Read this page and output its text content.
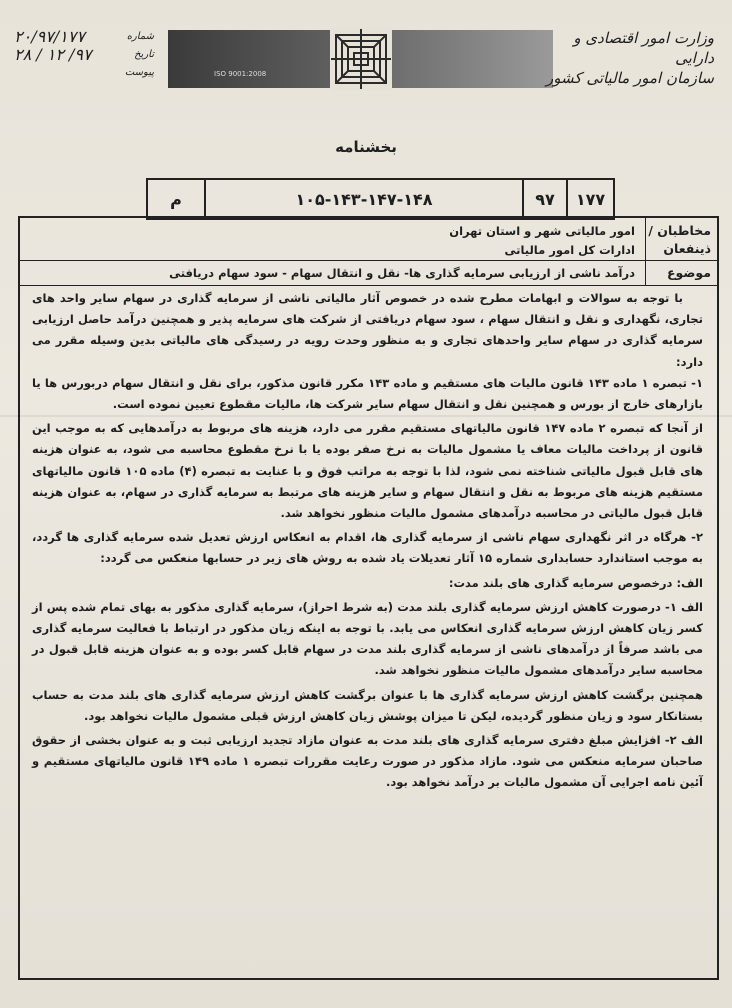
ISO 9001:2008
وزارت امور اقتصادی و دارایی
سازمان امور مالیاتی کشور
شماره
۲۰/۹۷/۱۷۷
تاریخ
۹۷/ ۱۲ / ۲۸
پیوست
بخشنامه
۱۷۷
۹۷
۱۰۵-۱۴۳-۱۴۷-۱۴۸
م
مخاطبان / ذینفعان
امور مالیاتی شهر و استان تهران
ادارات کل امور مالیاتی
موضوع
درآمد ناشی از ارزیابی سرمایه گذاری ها- نقل و انتقال سهام - سود سهام دریافتی

با توجه به سوالات و ابهامات مطرح شده در خصوص آثار مالیاتی ناشی از سرمایه گذاری در سهام سایر واحد های تجاری، نگهداری و نقل و انتقال سهام ، سود سهام دریافتی از شرکت های سرمایه پذیر و همچنین درآمد حاصل ارزیابی سرمایه گذاری در سهام سایر واحدهای تجاری و به منظور وحدت رویه در رسیدگی های مالیاتی بدین وسیله مقرر می دارد:

۱- تبصره ۱ ماده ۱۴۳ قانون مالیات های مستقیم و ماده ۱۴۳ مکرر قانون مذکور، برای نقل و انتقال سهام دربورس ها یا بازارهای خارج از بورس و همچنین نقل و انتقال سهام سایر شرکت ها، مالیات مقطوع تعیین نموده است.

از آنجا که تبصره ۲ ماده ۱۴۷ قانون مالیاتهای مستقیم مقرر می دارد، هزینه های مربوط به درآمدهایی که به موجب این قانون از پرداخت مالیات معاف یا مشمول مالیات به نرخ صفر بوده یا با نرخ مقطوع محاسبه می شود، به عنوان هزینه های قابل قبول مالیاتی شناخته نمی شود، لذا با توجه به مراتب فوق و با عنایت به تبصره (۴) ماده ۱۰۵ قانون مالیاتهای مستقیم هزینه های مربوط به نقل و انتقال سهام و سایر هزینه های مرتبط به سرمایه گذاری در سهام، به عنوان هزینه قابل قبول مالیاتی در محاسبه درآمدهای مشمول مالیات منظور نخواهد شد.

۲- هرگاه در اثر نگهداری سهام ناشی از سرمایه گذاری ها، اقدام به انعکاس ارزش تعدیل شده سرمایه گذاری ها گردد، به موجب استاندارد حسابداری شماره ۱۵ آثار تعدیلات یاد شده به روش های زیر در حسابها منعکس می گردد:

الف: درخصوص سرمایه گذاری های بلند مدت:

الف ۱- درصورت کاهش ارزش سرمایه گذاری بلند مدت (به شرط احراز)، سرمایه گذاری مذکور به بهای تمام شده پس از کسر زیان کاهش ارزش سرمایه گذاری انعکاس می یابد. با توجه به اینکه زیان مذکور در ارتباط با فعالیت سرمایه گذاری می باشد صرفاً از درآمدهای ناشی از سرمایه گذاری بلند مدت در سهام قابل کسر بوده و به عنوان هزینه قابل قبول در محاسبه سایر درآمدهای مشمول مالیات منظور نخواهد شد.

همچنین برگشت کاهش ارزش سرمایه گذاری ها با عنوان برگشت کاهش ارزش سرمایه گذاری های بلند مدت به حساب بستانکار سود و زیان منظور گردیده، لیکن تا میزان پوشش زیان کاهش ارزش قبلی مشمول مالیات نخواهد بود.

الف ۲- افزایش مبلغ دفتری سرمایه گذاری های بلند مدت به عنوان مازاد تجدید ارزیابی ثبت و به عنوان بخشی از حقوق صاحبان سرمایه منعکس می شود. مازاد مذکور در صورت رعایت مقررات تبصره ۱ ماده ۱۴۹ قانون مالیاتهای مستقیم و آئین نامه اجرایی آن مشمول مالیات بر درآمد نخواهد بود.
